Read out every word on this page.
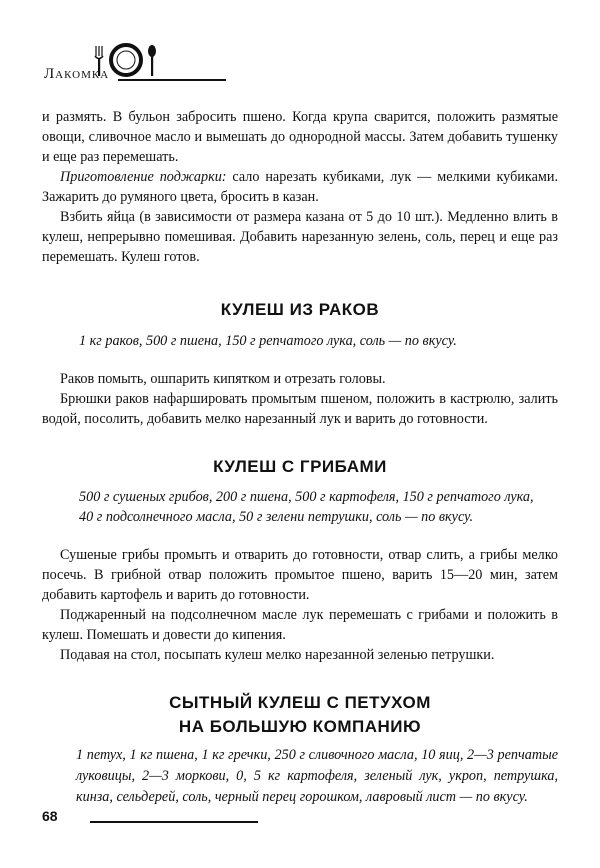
Лакомка

и размять. В бульон забросить пшено. Когда крупа сварится, положить размятые овощи, сливочное масло и вымешать до однородной массы. Затем добавить тушенку и еще раз перемешать.

Приготовление поджарки: сало нарезать кубиками, лук — мелкими кубиками. Зажарить до румяного цвета, бросить в казан.

Взбить яйца (в зависимости от размера казана от 5 до 10 шт.). Медленно влить в кулеш, непрерывно помешивая. Добавить нарезанную зелень, соль, перец и еще раз перемешать. Кулеш готов.

КУЛЕШ ИЗ РАКОВ

1 кг раков, 500 г пшена, 150 г репчатого лука, соль — по вкусу.

Раков помыть, ошпарить кипятком и отрезать головы.

Брюшки раков нафаршировать промытым пшеном, положить в кастрюлю, залить водой, посолить, добавить мелко нарезанный лук и варить до готовности.

КУЛЕШ С ГРИБАМИ

500 г сушеных грибов, 200 г пшена, 500 г картофеля, 150 г репчатого лука,

40 г подсолнечного масла, 50 г зелени петрушки, соль — по вкусу.

Сушеные грибы промыть и отварить до готовности, отвар слить, а грибы мелко посечь. В грибной отвар положить промытое пшено, варить 15—20 мин, затем добавить картофель и варить до готовности.

Поджаренный на подсолнечном масле лук перемешать с грибами и положить в кулеш. Помешать и довести до кипения.

Подавая на стол, посыпать кулеш мелко нарезанной зеленью петрушки.

СЫТНЫЙ КУЛЕШ С ПЕТУХОМ
НА БОЛЬШУЮ КОМПАНИЮ

1 петух, 1 кг пшена, 1 кг гречки, 250 г сливочного масла, 10 яиц, 2—3 репчатые луковицы, 2—3 моркови, 0, 5 кг картофеля, зеленый лук, укроп, петрушка, кинза, сельдерей, соль, черный перец горошком, лавровый лист — по вкусу.

68
